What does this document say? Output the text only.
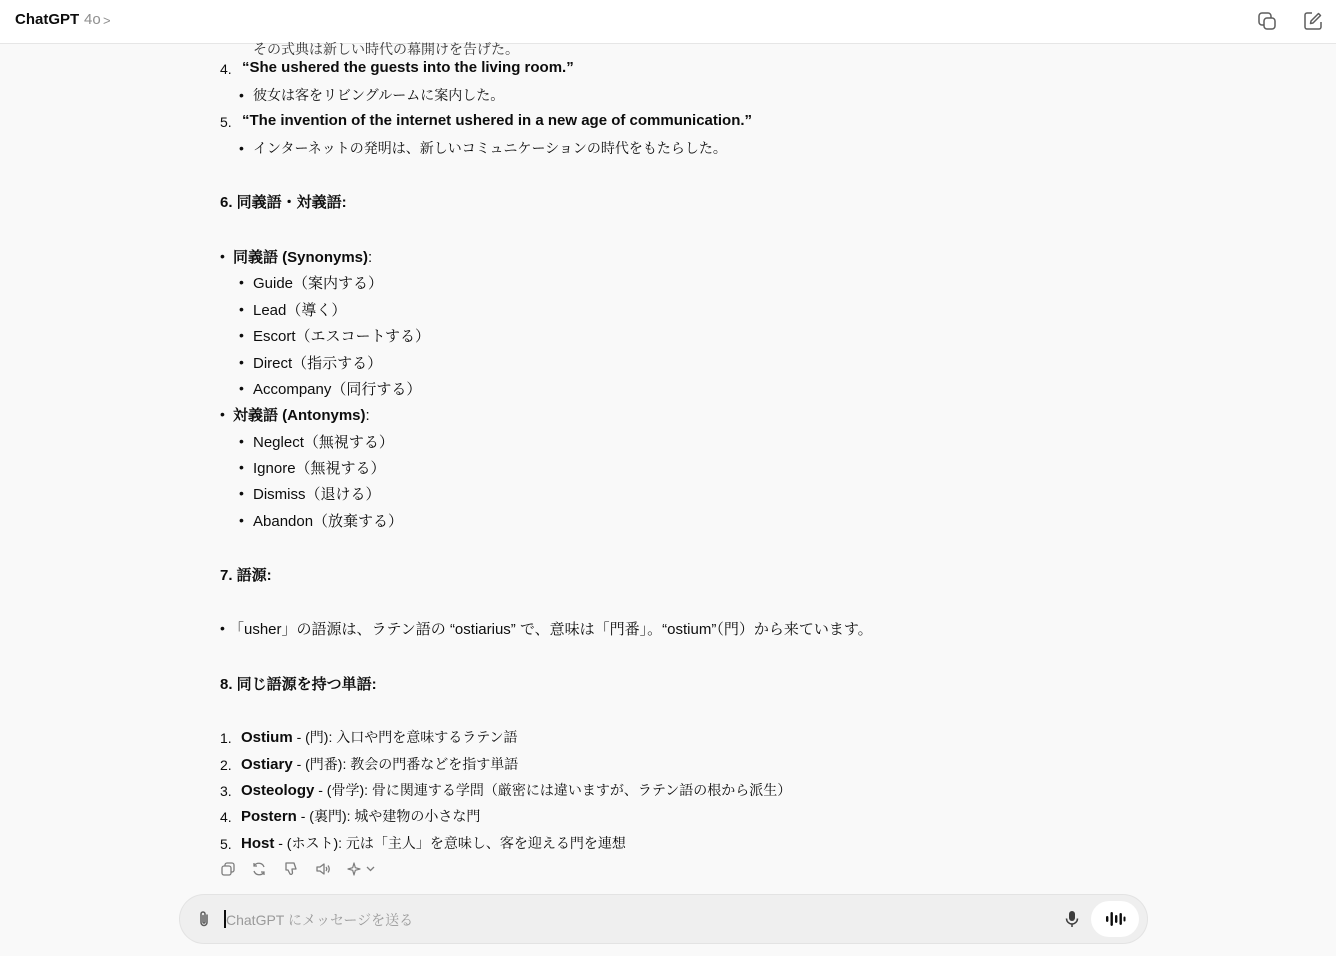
ChatGPT 4o >
その式典は新しい時代の幕開けを告げた。
4. “She ushered the guests into the living room.”
• 彼女は客をリビングルームに案内した。
5. “The invention of the internet ushered in a new age of communication.”
• インターネットの発明は、新しいコミュニケーションの時代をもたらした。
6. 同義語・対義語:
• 同義語 (Synonyms):
• Guide（案内する）
• Lead（導く）
• Escort（エスコートする）
• Direct（指示する）
• Accompany（同行する）
• 対義語 (Antonyms):
• Neglect（無視する）
• Ignore（無視する）
• Dismiss（退ける）
• Abandon（放棄する）
7. 語源:
• 「usher」の語源は、ラテン語の “ostiarius” で、意味は「門番」。“ostium”（門）から来ています。
8. 同じ語源を持つ単語:
1. Ostium - (門): 入口や門を意味するラテン語
2. Ostiary - (門番): 教会の門番などを指す単語
3. Osteology - (骨学): 骨に関連する学問（厳密には違いますが、ラテン語の根から派生）
4. Postern - (裏門): 城や建物の小さな門
5. Host - (ホスト): 元は「主人」を意味し、客を迎える門を連想
ChatGPT にメッセージを送る
